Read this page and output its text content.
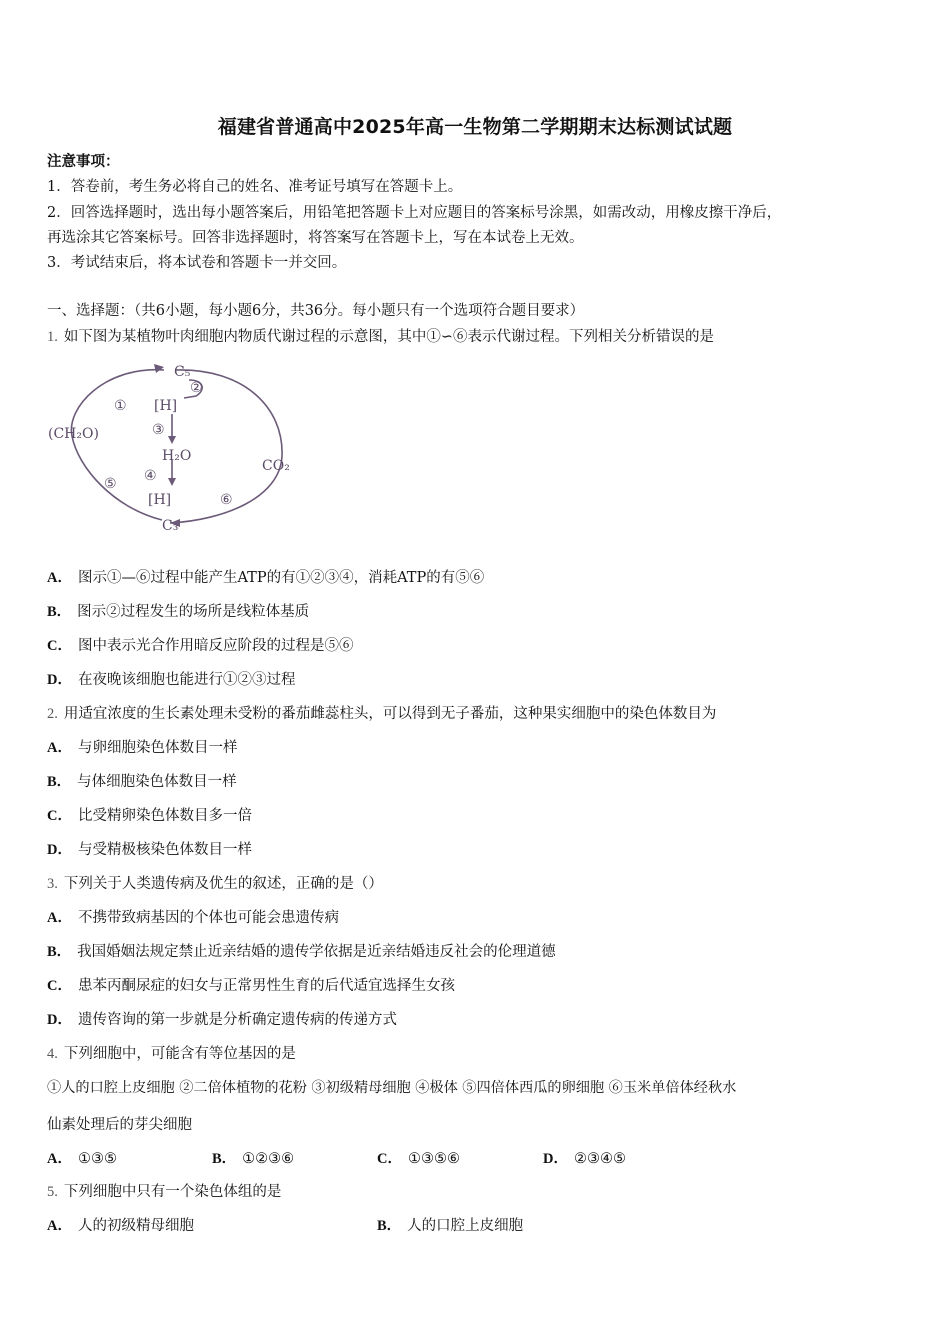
福建省普通高中2025年高一生物第二学期期末达标测试试题
注意事项：
1．答卷前，考生务必将自己的姓名、准考证号填写在答题卡上。
2．回答选择题时，选出每小题答案后，用铅笔把答题卡上对应题目的答案标号涂黑，如需改动，用橡皮擦干净后，
再选涂其它答案标号。回答非选择题时，将答案写在答题卡上，写在本试卷上无效。
3．考试结束后，将本试卷和答题卡一并交回。
一、选择题：（共6小题，每小题6分，共36分。每小题只有一个选项符合题目要求）
1. 如下图为某植物叶肉细胞内物质代谢过程的示意图，其中①∽⑥表示代谢过程。下列相关分析错误的是
C₅
②
① [H]
③
(CH₂O)
H₂O
CO₂
④
⑤
[H]	⑥
C₃
A． 图示①—⑥过程中能产生ATP的有①②③④，消耗ATP的有⑤⑥
B． 图示②过程发生的场所是线粒体基质
C． 图中表示光合作用暗反应阶段的过程是⑤⑥
D． 在夜晚该细胞也能进行①②③过程
2. 用适宜浓度的生长素处理未受粉的番茄雌蕊柱头，可以得到无子番茄，这种果实细胞中的染色体数目为
A． 与卵细胞染色体数目一样
B． 与体细胞染色体数目一样
C． 比受精卵染色体数目多一倍
D． 与受精极核染色体数目一样
3. 下列关于人类遗传病及优生的叙述，正确的是（）
A． 不携带致病基因的个体也可能会患遗传病
B． 我国婚姻法规定禁止近亲结婚的遗传学依据是近亲结婚违反社会的伦理道德
C． 患苯丙酮尿症的妇女与正常男性生育的后代适宜选择生女孩
D． 遗传咨询的第一步就是分析确定遗传病的传递方式
4. 下列细胞中，可能含有等位基因的是
①人的口腔上皮细胞 ②二倍体植物的花粉 ③初级精母细胞 ④极体 ⑤四倍体西瓜的卵细胞 ⑥玉米单倍体经秋水
仙素处理后的芽尖细胞
A． ①③⑤	B． ①②③⑥	C． ①③⑤⑥	D． ②③④⑤
5. 下列细胞中只有一个染色体组的是
A． 人的初级精母细胞	B． 人的口腔上皮细胞
